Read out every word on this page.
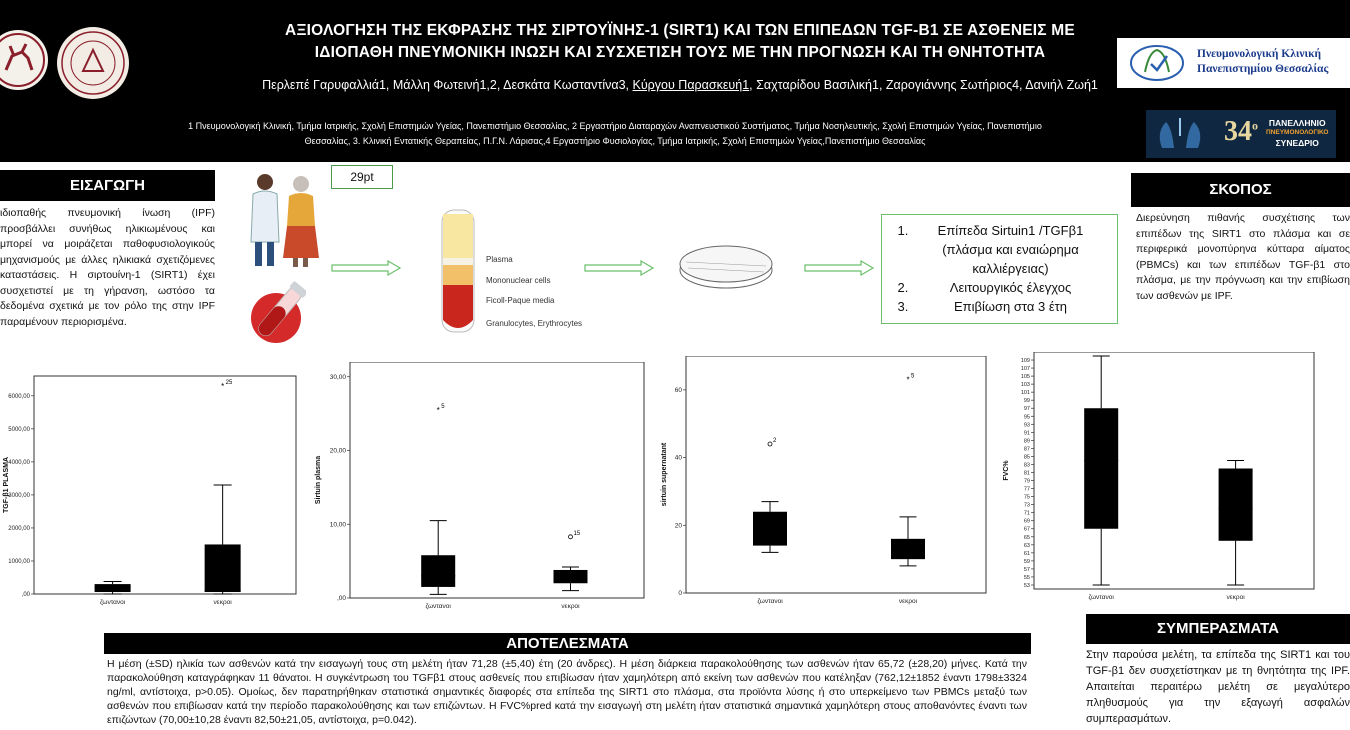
ΑΞΙΟΛΟΓΗΣΗ ΤΗΣ ΕΚΦΡΑΣΗΣ ΤΗΣ ΣΙΡΤΟΥΪΝΗΣ-1 (SIRT1) ΚΑΙ ΤΩΝ ΕΠΙΠΕΔΩΝ TGF-Β1 ΣΕ ΑΣΘΕΝΕΙΣ ΜΕ
ΙΔΙΟΠΑΘΗ ΠΝΕΥΜΟΝΙΚΗ ΙΝΩΣΗ ΚΑΙ ΣΥΣΧΕΤΙΣΗ ΤΟΥΣ ΜΕ ΤΗΝ ΠΡΟΓΝΩΣΗ ΚΑΙ ΤΗ ΘΝΗΤΟΤΗΤΑ
Περλεπέ Γαρυφαλλιά1, Μάλλη Φωτεινή1,2, Δεσκάτα Κωσταντίνα3, Κύργου Παρασκευή1, Σαχταρίδου Βασιλική1, Ζαρογιάννης Σωτήριος4, Δανιήλ Ζωή1
1 Πνευμονολογική Κλινική, Τμήμα Ιατρικής, Σχολή Επιστημών Υγείας, Πανεπιστήμιο Θεσσαλίας, 2 Εργαστήριο Διαταραχών Αναπνευστικού Συστήματος, Τμήμα Νοσηλευτικής, Σχολή Επιστημών Υγείας, Πανεπιστήμιο
Θεσσαλίας, 3. Κλινική Εντατικής Θεραπείας, Π.Γ.Ν. Λάρισας,4 Εργαστήριο Φυσιολογίας, Τμήμα Ιατρικής, Σχολή Επιστημών Υγείας,Πανεπιστήμιο Θεσσαλίας
Πνευμονολογική Κλινική
Πανεπιστημίου Θεσσαλίας
$34^o$	ΠΑΝΕΛΛΗΝΙΟ
ΠΝΕΥΜΟΝΟΛΟΓΙΚΟ
ΣΥΝΕΔΡΙΟ
ΕΙΣΑΓΩΓΗ
ιδιοπαθής πνευμονική ίνωση (IPF) προσβάλλει συνήθως ηλικιωμένους και μπορεί να μοιράζεται παθοφυσιολογικούς μηχανισμούς με άλλες ηλικιακά σχετιζόμενες καταστάσεις. Η σιρτουίνη-1 (SIRT1) έχει συσχετιστεί με τη γήρανση, ωστόσο τα δεδομένα σχετικά με τον ρόλο της στην IPF παραμένουν περιορισμένα.
29pt
Plasma
Mononuclear cells
Ficoll-Paque media
Granulocytes, Erythrocytes
1. Επίπεδα Sirtuin1 /TGFβ1 (πλάσμα και εναιώρημα καλλιέργειας)
2. Λειτουργικός έλεγχος
3. Επιβίωση στα 3 έτη
ΣΚΟΠΟΣ
Διερεύνηση πιθανής συσχέτισης των επιπέδων της SIRT1 στο πλάσμα και σε περιφερικά μονοπύρηνα κύτταρα αίματος (PBMCs) και των επιπέδων TGF-β1 στο πλάσμα, με την πρόγνωση και την επιβίωση των ασθενών με IPF.
,00
1000,00
2000,00
3000,00
4000,00
5000,00
6000,00
TGF-β1 PLASMA
ζωντανοι	νεκροι
* 25
,00
10,00
20,00
30,00
Sirtuin plasma
ζωντανοι	νεκροι
* 5
15
0
20
40
60
sirtuin supernatant
ζωντανοι	νεκροι
2
* 5
53
55
57
59
61
63
65
67
69
71
73
75
77
79
81
83
85
87
89
91
93
95
97
99
101
103
105
107
109
FVC%
ζωντανοι	νεκροι
ΑΠΟΤΕΛΕΣΜΑΤΑ
Η μέση (±SD) ηλικία των ασθενών κατά την εισαγωγή τους στη μελέτη ήταν 71,28 (±5,40) έτη (20 άνδρες). Η μέση διάρκεια παρακολούθησης των ασθενών ήταν 65,72 (±28,20) μήνες. Κατά την παρακολούθηση καταγράφηκαν 11 θάνατοι. Η συγκέντρωση του TGFβ1 στους ασθενείς που επιβίωσαν ήταν χαμηλότερη από εκείνη των ασθενών που κατέληξαν (762,12±1852 έναντι 1798±3324 ng/ml, αντίστοιχα, p>0.05). Ομοίως, δεν παρατηρήθηκαν στατιστικά σημαντικές διαφορές στα επίπεδα της SIRT1 στο πλάσμα, στα προϊόντα λύσης ή στο υπερκείμενο των PBMCs μεταξύ των ασθενών που επιβίωσαν κατά την περίοδο παρακολούθησης και των επιζώντων. Η FVC%pred κατά την εισαγωγή στη μελέτη ήταν στατιστικά σημαντικά χαμηλότερη στους αποθανόντες έναντι των επιζώντων (70,00±10,28 έναντι 82,50±21,05, αντίστοιχα, p=0.042).
ΣΥΜΠΕΡΑΣΜΑΤΑ
Στην παρούσα μελέτη, τα επίπεδα της SIRT1 και του TGF-β1 δεν συσχετίστηκαν με τη θνητότητα της IPF. Απαιτείται περαιτέρω μελέτη σε μεγαλύτερο πληθυσμούς για την εξαγωγή ασφαλών συμπερασμάτων.
